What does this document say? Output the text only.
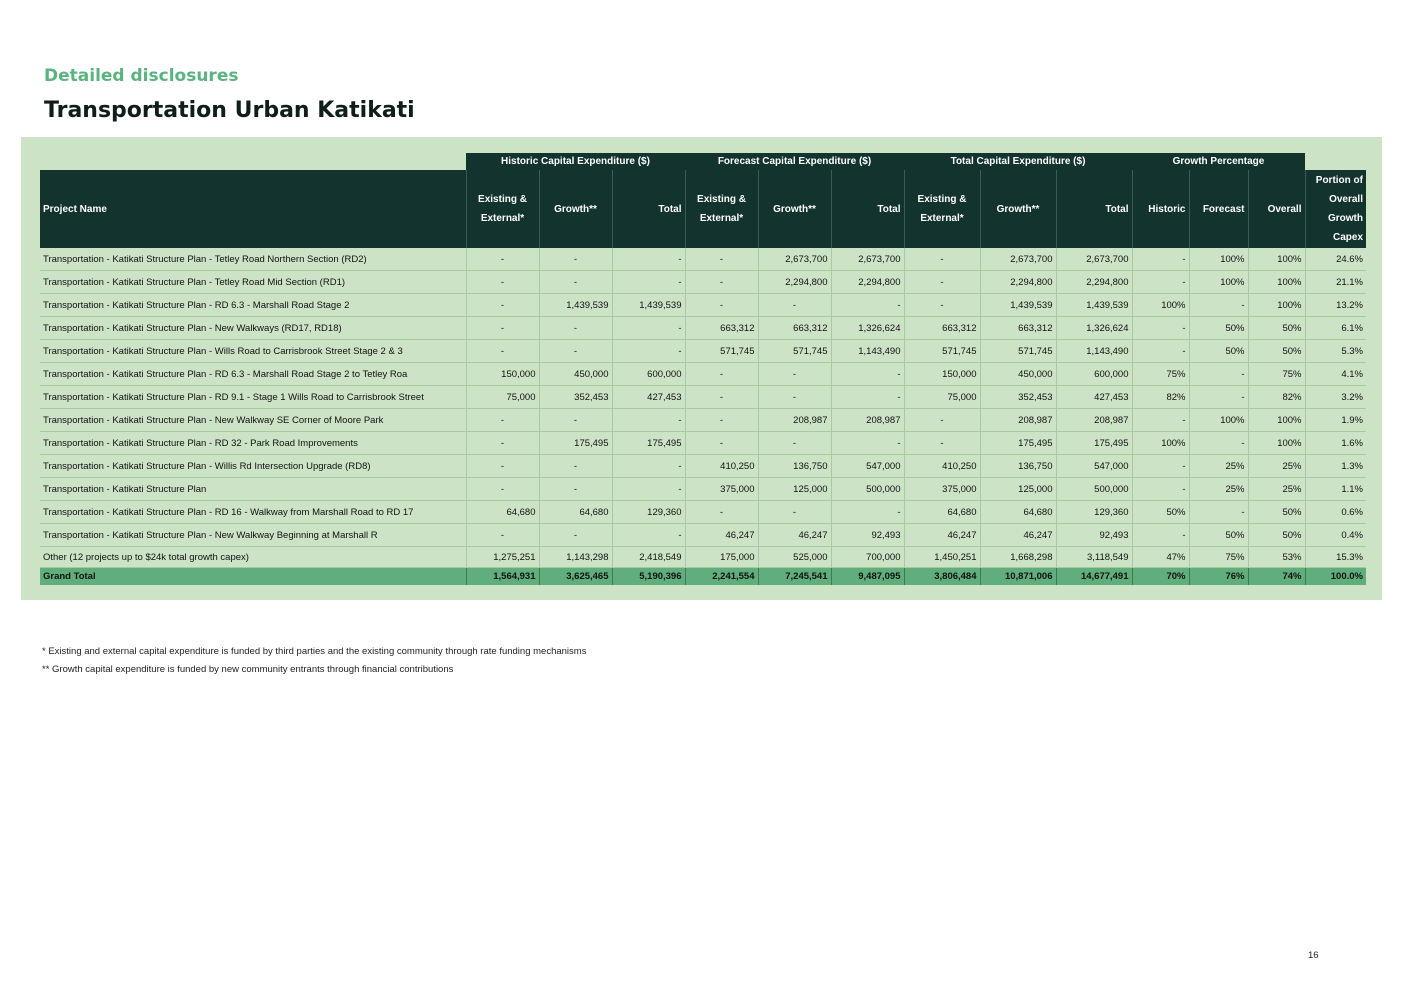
Detailed disclosures
Transportation Urban Katikati
	Historic Capital Expenditure ($)			Forecast Capital Expenditure ($)			Total Capital Expenditure ($)			Growth Percentage			
Project Name	Existing &
External*	Growth**	Total	Existing &
External*	Growth**	Total	Existing &
External*	Growth**	Total	Historic	Forecast	Overall	Portion of
Overall
Growth
Capex
Transportation - Katikati Structure Plan - Tetley Road Northern Section (RD2)	-	-	-	-	2,673,700	2,673,700	-	2,673,700	2,673,700	-	100%	100%	24.6%
Transportation - Katikati Structure Plan - Tetley Road Mid Section (RD1)	-	-	-	-	2,294,800	2,294,800	-	2,294,800	2,294,800	-	100%	100%	21.1%
Transportation - Katikati Structure Plan - RD 6.3 - Marshall Road Stage 2	-	1,439,539	1,439,539	-	-	-	-	1,439,539	1,439,539	100%	-	100%	13.2%
Transportation - Katikati Structure Plan - New Walkways (RD17, RD18)	-	-	-	663,312	663,312	1,326,624	663,312	663,312	1,326,624	-	50%	50%	6.1%
Transportation - Katikati Structure Plan - Wills Road to Carrisbrook Street Stage 2 & 3	-	-	-	571,745	571,745	1,143,490	571,745	571,745	1,143,490	-	50%	50%	5.3%
Transportation - Katikati Structure Plan - RD 6.3 - Marshall Road Stage 2 to Tetley Roa	150,000	450,000	600,000	-	-	-	150,000	450,000	600,000	75%	-	75%	4.1%
Transportation - Katikati Structure Plan - RD 9.1 - Stage 1 Wills Road to Carrisbrook Street	75,000	352,453	427,453	-	-	-	75,000	352,453	427,453	82%	-	82%	3.2%
Transportation - Katikati Structure Plan - New Walkway SE Corner of Moore Park	-	-	-	-	208,987	208,987	-	208,987	208,987	-	100%	100%	1.9%
Transportation - Katikati Structure Plan - RD 32 - Park Road Improvements	-	175,495	175,495	-	-	-	-	175,495	175,495	100%	-	100%	1.6%
Transportation - Katikati Structure Plan - Willis Rd Intersection Upgrade (RD8)	-	-	-	410,250	136,750	547,000	410,250	136,750	547,000	-	25%	25%	1.3%
Transportation - Katikati Structure Plan	-	-	-	375,000	125,000	500,000	375,000	125,000	500,000	-	25%	25%	1.1%
Transportation - Katikati Structure Plan - RD 16 - Walkway from Marshall Road to RD 17	64,680	64,680	129,360	-	-	-	64,680	64,680	129,360	50%	-	50%	0.6%
Transportation - Katikati Structure Plan - New Walkway Beginning at Marshall R	-	-	-	46,247	46,247	92,493	46,247	46,247	92,493	-	50%	50%	0.4%
Other (12 projects up to $24k total growth capex)	1,275,251	1,143,298	2,418,549	175,000	525,000	700,000	1,450,251	1,668,298	3,118,549	47%	75%	53%	15.3%
Grand Total	1,564,931	3,625,465	5,190,396	2,241,554	7,245,541	9,487,095	3,806,484	10,871,006	14,677,491	70%	76%	74%	100.0%
* Existing and external capital expenditure is funded by third parties and the existing community through rate funding mechanisms
** Growth capital expenditure is funded by new community entrants through financial contributions
16
